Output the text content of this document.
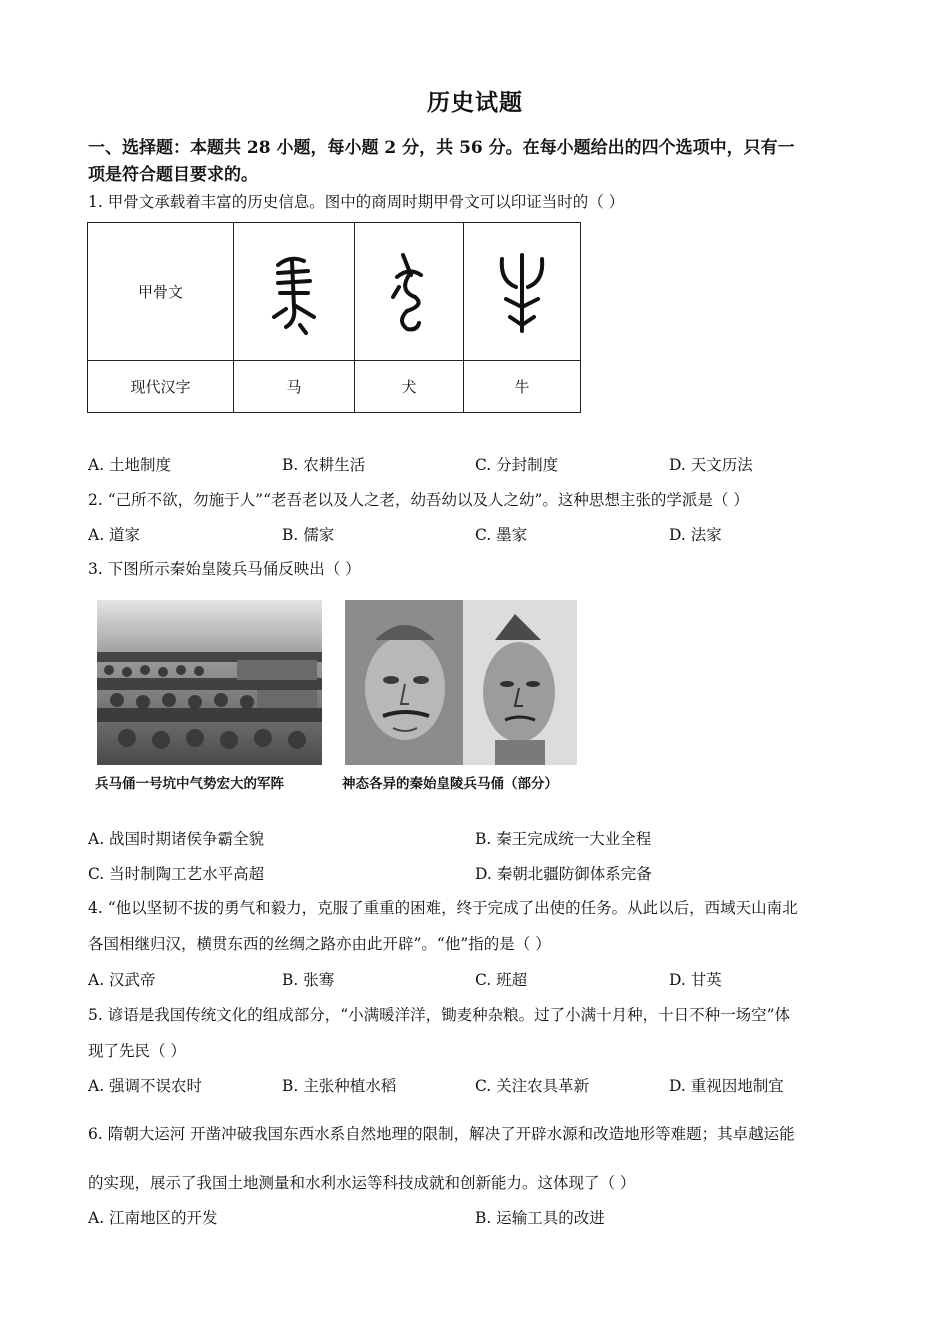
历史试题
一、选择题：本题共 28 小题，每小题 2 分，共 56 分。在每小题给出的四个选项中，只有一
项是符合题目要求的。
1. 甲骨文承载着丰富的历史信息。图中的商周时期甲骨文可以印证当时的（ ）
甲骨文	

现代汉字	马	犬	牛
A. 土地制度	B. 农耕生活	C. 分封制度	D. 天文历法
2. “己所不欲，勿施于人”“老吾老以及人之老，幼吾幼以及人之幼”。这种思想主张的学派是（ ）
A. 道家	B. 儒家	C. 墨家	D. 法家
3. 下图所示秦始皇陵兵马俑反映出（ ）
兵马俑一号坑中气势宏大的军阵	神态各异的秦始皇陵兵马俑（部分）
A. 战国时期诸侯争霸全貌	B. 秦王完成统一大业全程
C. 当时制陶工艺水平高超	D. 秦朝北疆防御体系完备
4. “他以坚韧不拔的勇气和毅力，克服了重重的困难，终于完成了出使的任务。从此以后，西域天山南北
各国相继归汉，横贯东西的丝绸之路亦由此开辟”。“他”指的是（ ）
A. 汉武帝	B. 张骞	C. 班超	D. 甘英
5. 谚语是我国传统文化的组成部分，“小满暖洋洋，锄麦种杂粮。过了小满十月种，十日不种一场空”体
现了先民（ ）
A. 强调不误农时	B. 主张种植水稻	C. 关注农具革新	D. 重视因地制宜
6. 隋朝大运河 开凿冲破我国东西水系自然地理的限制，解决了开辟水源和改造地形等难题；其卓越运能
的实现，展示了我国土地测量和水利水运等科技成就和创新能力。这体现了（ ）
A. 江南地区的开发	B. 运输工具的改进
